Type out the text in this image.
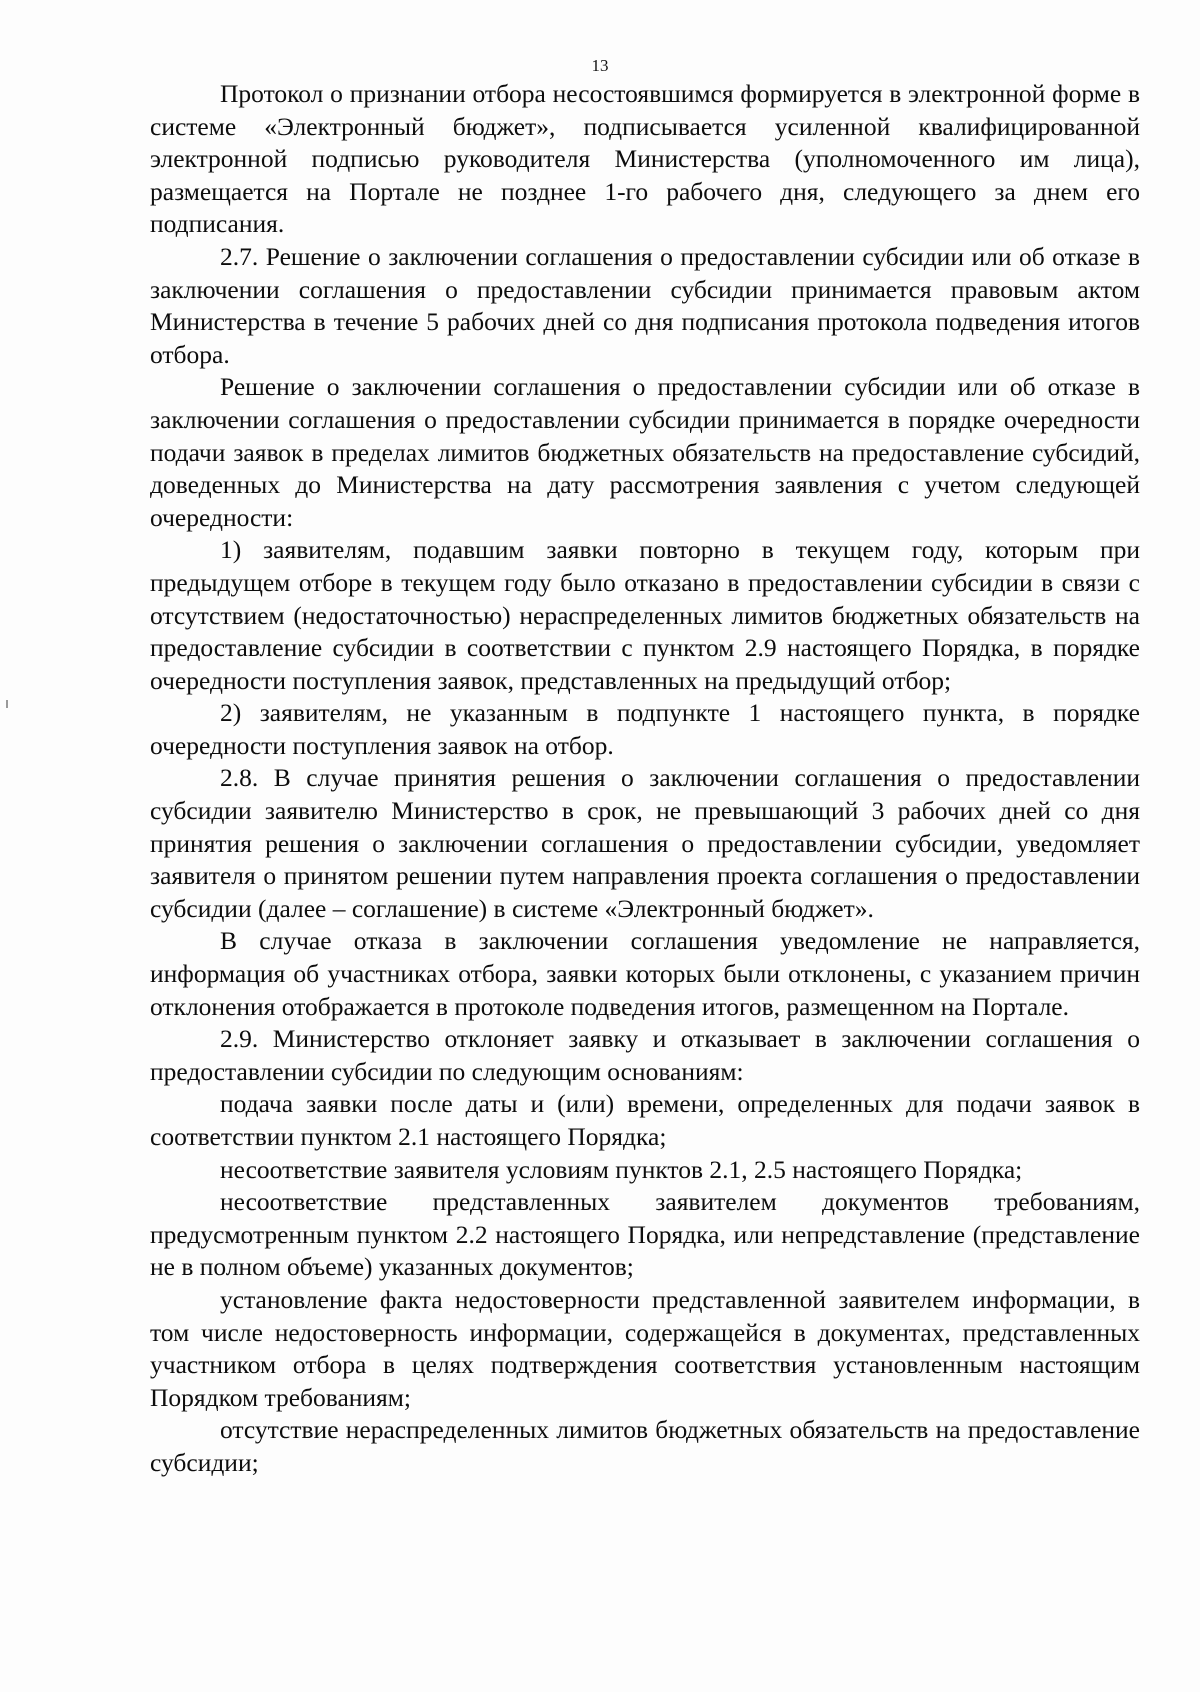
13

Протокол о признании отбора несостоявшимся формируется в электронной форме в системе «Электронный бюджет», подписывается усиленной квалифицированной электронной подписью руководителя Министерства (уполномоченного им лица), размещается на Портале не позднее 1-го рабочего дня, следующего за днем его подписания.

2.7. Решение о заключении соглашения о предоставлении субсидии или об отказе в заключении соглашения о предоставлении субсидии принимается правовым актом Министерства в течение 5 рабочих дней со дня подписания протокола подведения итогов отбора.

Решение о заключении соглашения о предоставлении субсидии или об отказе в заключении соглашения о предоставлении субсидии принимается в порядке очередности подачи заявок в пределах лимитов бюджетных обязательств на предоставление субсидий, доведенных до Министерства на дату рассмотрения заявления с учетом следующей очередности:

1) заявителям, подавшим заявки повторно в текущем году, которым при предыдущем отборе в текущем году было отказано в предоставлении субсидии в связи с отсутствием (недостаточностью) нераспределенных лимитов бюджетных обязательств на предоставление субсидии в соответствии с пунктом 2.9 настоящего Порядка, в порядке очередности поступления заявок, представленных на предыдущий отбор;

2) заявителям, не указанным в подпункте 1 настоящего пункта, в порядке очередности поступления заявок на отбор.

2.8. В случае принятия решения о заключении соглашения о предоставлении субсидии заявителю Министерство в срок, не превышающий 3 рабочих дней со дня принятия решения о заключении соглашения о предоставлении субсидии, уведомляет заявителя о принятом решении путем направления проекта соглашения о предоставлении субсидии (далее – соглашение) в системе «Электронный бюджет».

В случае отказа в заключении соглашения уведомление не направляется, информация об участниках отбора, заявки которых были отклонены, с указанием причин отклонения отображается в протоколе подведения итогов, размещенном на Портале.

2.9. Министерство отклоняет заявку и отказывает в заключении соглашения о предоставлении субсидии по следующим основаниям:

подача заявки после даты и (или) времени, определенных для подачи заявок в соответствии пунктом 2.1 настоящего Порядка;

несоответствие заявителя условиям пунктов 2.1, 2.5 настоящего Порядка;

несоответствие представленных заявителем документов требованиям, предусмотренным пунктом 2.2 настоящего Порядка, или непредставление (представление не в полном объеме) указанных документов;

установление факта недостоверности представленной заявителем информации, в том числе недостоверность информации, содержащейся в документах, представленных участником отбора в целях подтверждения соответствия установленным настоящим Порядком требованиям;

отсутствие нераспределенных лимитов бюджетных обязательств на предоставление субсидии;
